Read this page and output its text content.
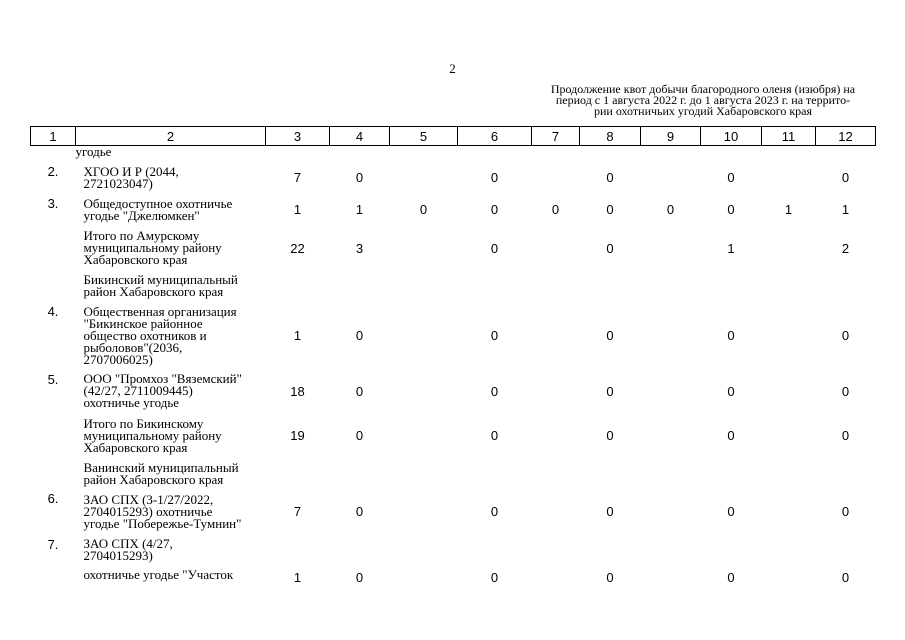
2
Продолжение квот добычи благородного оленя (изюбря) на
период с 1 августа 2022 г. до 1 августа 2023 г. на террито-
рии охотничьих угодий Хабаровского края
1	2	3	4	5	6	7	8	9	10	11	12

	угодье										

2.	ХГОО И Р (2044,
2721023047)	7	0		0		0		0		0
3.	Общедоступное охотничье
угодье "Джелюмкен"	1	1	0	0	0	0	0	0	1	1

	Итого по Амурскому
муниципальному району
Хабаровского края	22	3		0		0		1		2

	Бикинский муниципальный
район Хабаровского края										

4.	Общественная организация
"Бикинское районное
общество охотников и
рыболовов"(2036,
2707006025)	1	0		0		0		0		0
5.	ООО "Промхоз "Вяземский"
(42/27, 2711009445)
охотничье угодье	18	0		0		0		0		0

	Итого по Бикинскому
муниципальному району
Хабаровского края	19	0		0		0		0		0

	Ванинский муниципальный
район Хабаровского края										

6.	ЗАО СПХ (3-1/27/2022,
2704015293) охотничье
угодье "Побережье-Тумнин"	7	0		0		0		0		0
7.	ЗАО СПХ (4/27,
2704015293)										

	охотничье угодье "Участок	1	0		0		0		0		0
